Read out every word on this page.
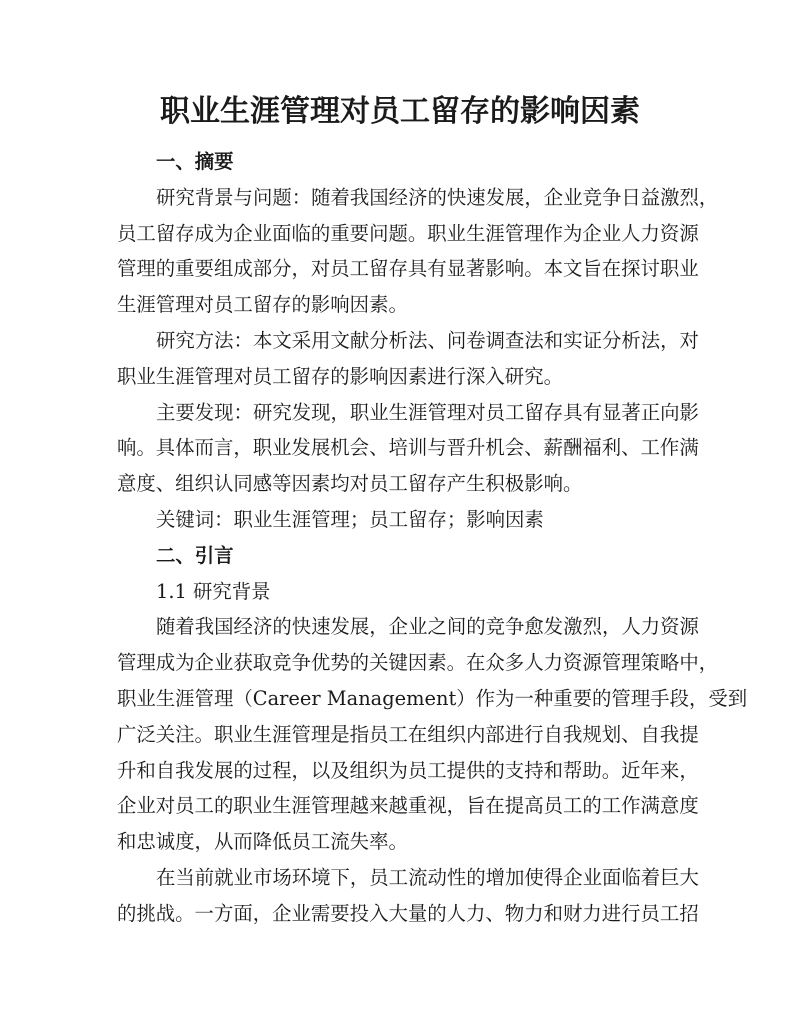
职业生涯管理对员工留存的影响因素
一、摘要
研究背景与问题：随着我国经济的快速发展，企业竞争日益激烈，
员工留存成为企业面临的重要问题。职业生涯管理作为企业人力资源
管理的重要组成部分，对员工留存具有显著影响。本文旨在探讨职业
生涯管理对员工留存的影响因素。
研究方法：本文采用文献分析法、问卷调查法和实证分析法，对
职业生涯管理对员工留存的影响因素进行深入研究。
主要发现：研究发现，职业生涯管理对员工留存具有显著正向影
响。具体而言，职业发展机会、培训与晋升机会、薪酬福利、工作满
意度、组织认同感等因素均对员工留存产生积极影响。
关键词：职业生涯管理；员工留存；影响因素
二、引言
1.1 研究背景
随着我国经济的快速发展，企业之间的竞争愈发激烈，人力资源
管理成为企业获取竞争优势的关键因素。在众多人力资源管理策略中，
职业生涯管理（Career Management）作为一种重要的管理手段，受到
广泛关注。职业生涯管理是指员工在组织内部进行自我规划、自我提
升和自我发展的过程，以及组织为员工提供的支持和帮助。近年来，
企业对员工的职业生涯管理越来越重视，旨在提高员工的工作满意度
和忠诚度，从而降低员工流失率。
在当前就业市场环境下，员工流动性的增加使得企业面临着巨大
的挑战。一方面，企业需要投入大量的人力、物力和财力进行员工招
